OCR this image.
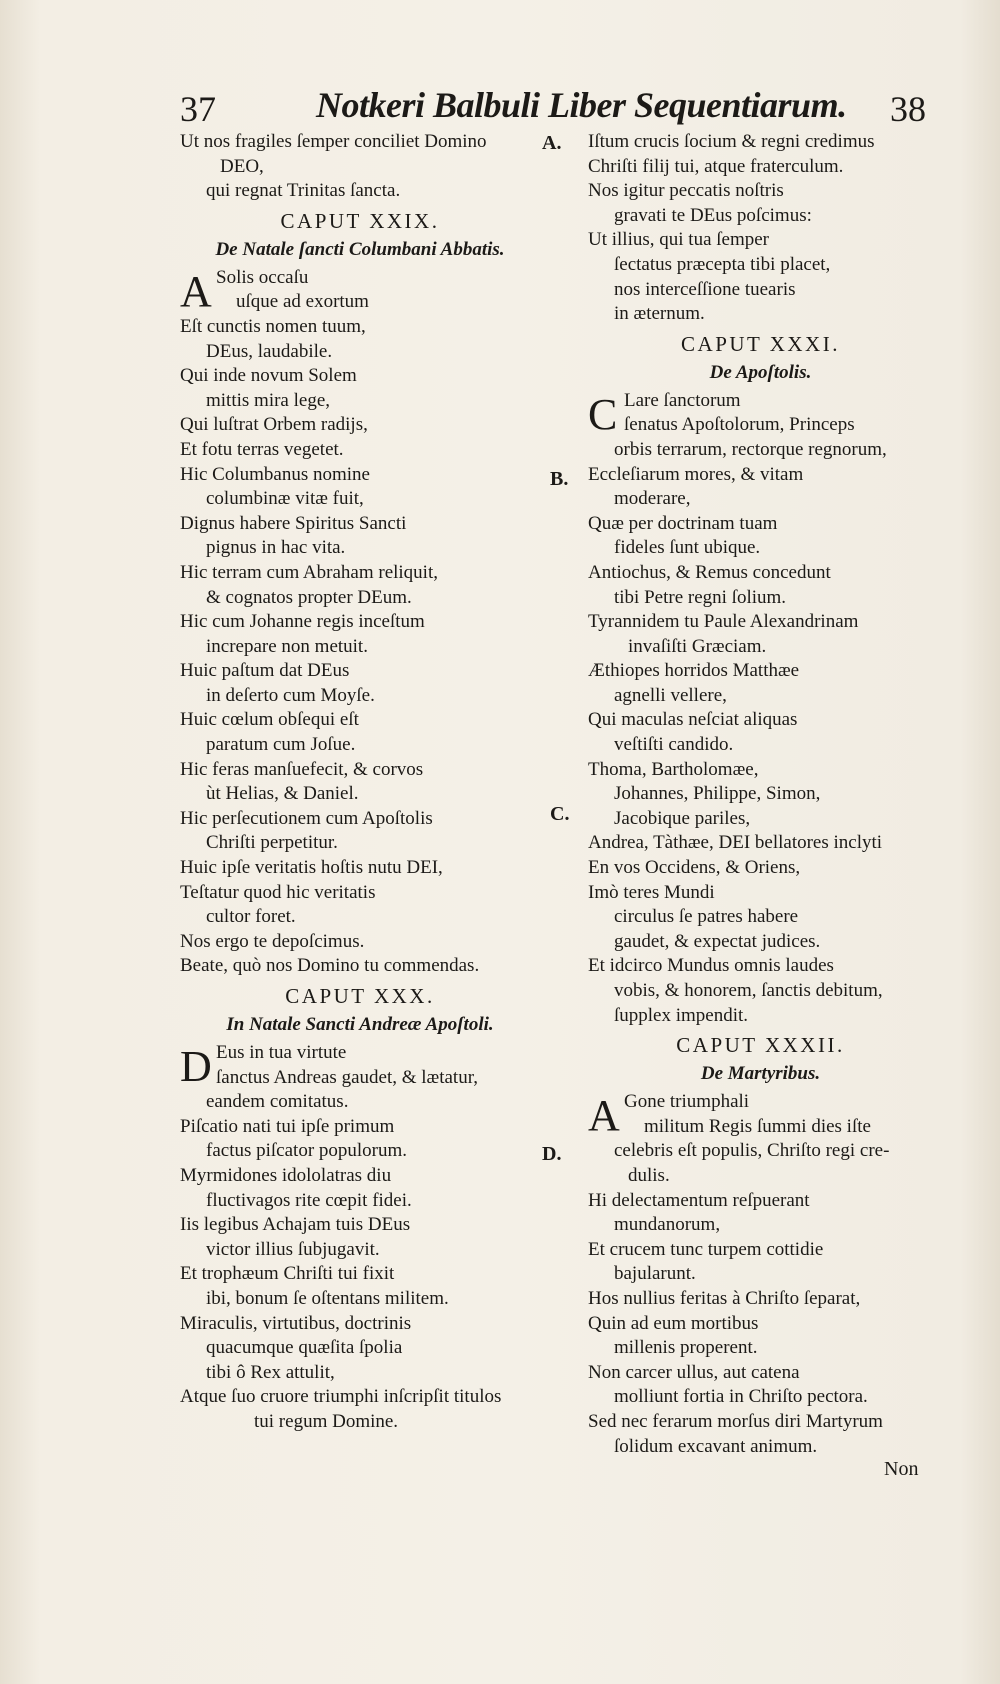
37	Notkeri Balbuli Liber Sequentiarum. 38
Ut nos fragiles ſemper conciliet Domino
DEO,
qui regnat Trinitas ſancta.
CAPUT XXIX.
De Natale ſancti Columbani Abbatis.
A Solis occaſu
uſque ad exortum
Eſt cunctis nomen tuum,
DEus, laudabile.
Qui inde novum Solem
mittis mira lege,
Qui luſtrat Orbem radijs,
Et fotu terras vegetet.
Hic Columbanus nomine
columbinæ vitæ fuit,
Dignus habere Spiritus Sancti
pignus in hac vita.
Hic terram cum Abraham reliquit,
& cognatos propter DEum.
Hic cum Johanne regis inceſtum
increpare non metuit.
Huic paſtum dat DEus
in deſerto cum Moyſe.
Huic cœlum obſequi eſt
paratum cum Joſue.
Hic feras manſuefecit, & corvos
ùt Helias, & Daniel.
Hic perſecutionem cum Apoſtolis
Chriſti perpetitur.
Huic ipſe veritatis hoſtis nutu DEI,
Teſtatur quod hic veritatis
cultor foret.
Nos ergo te depoſcimus.
Beate, quò nos Domino tu commendas.
CAPUT XXX.
In Natale Sancti Andreæ Apoſtoli.
D Eus in tua virtute
ſanctus Andreas gaudet, & lætatur,
eandem comitatus.
Piſcatio nati tui ipſe primum
factus piſcator populorum.
Myrmidones idololatras diu
fluctivagos rite cœpit fidei.
Iis legibus Achajam tuis DEus
victor illius ſubjugavit.
Et trophæum Chriſti tui fixit
ibi, bonum ſe oſtentans militem.
Miraculis, virtutibus, doctrinis
quacumque quæſita ſpolia
tibi ô Rex attulit,
Atque ſuo cruore triumphi inſcripſit titulos
tui regum Domine.
A.
B.
C.
D.
Iſtum crucis ſocium & regni credimus
Chriſti filij tui, atque fraterculum.
Nos igitur peccatis noſtris
gravati te DEus poſcimus:
Ut illius, qui tua ſemper
ſectatus præcepta tibi placet,
nos interceſſione tuearis
in æternum.
CAPUT XXXI.
De Apoſtolis.
C Lare ſanctorum
ſenatus Apoſtolorum, Princeps
orbis terrarum, rectorque regnorum,
Eccleſiarum mores, & vitam
moderare,
Quæ per doctrinam tuam
fideles ſunt ubique.
Antiochus, & Remus concedunt
tibi Petre regni ſolium.
Tyrannidem tu Paule Alexandrinam
invaſiſti Græciam.
Æthiopes horridos Matthæe
agnelli vellere,
Qui maculas neſciat aliquas
veſtiſti candido.
Thoma, Bartholomæe,
Johannes, Philippe, Simon,
Jacobique pariles,
Andrea, Tàthæe, DEI bellatores inclyti
En vos Occidens, & Oriens,
Imò teres Mundi
circulus ſe patres habere
gaudet, & expectat judices.
Et idcirco Mundus omnis laudes
vobis, & honorem, ſanctis debitum,
ſupplex impendit.
CAPUT XXXII.
De Martyribus.
A Gone triumphali
militum Regis ſummi dies iſte
celebris eſt populis, Chriſto regi cre-
dulis.
Hi delectamentum reſpuerant
mundanorum,
Et crucem tunc turpem cottidie
bajularunt.
Hos nullius feritas à Chriſto ſeparat,
Quin ad eum mortibus
millenis properent.
Non carcer ullus, aut catena
molliunt fortia in Chriſto pectora.
Sed nec ferarum morſus diri Martyrum
ſolidum excavant animum.
Non
